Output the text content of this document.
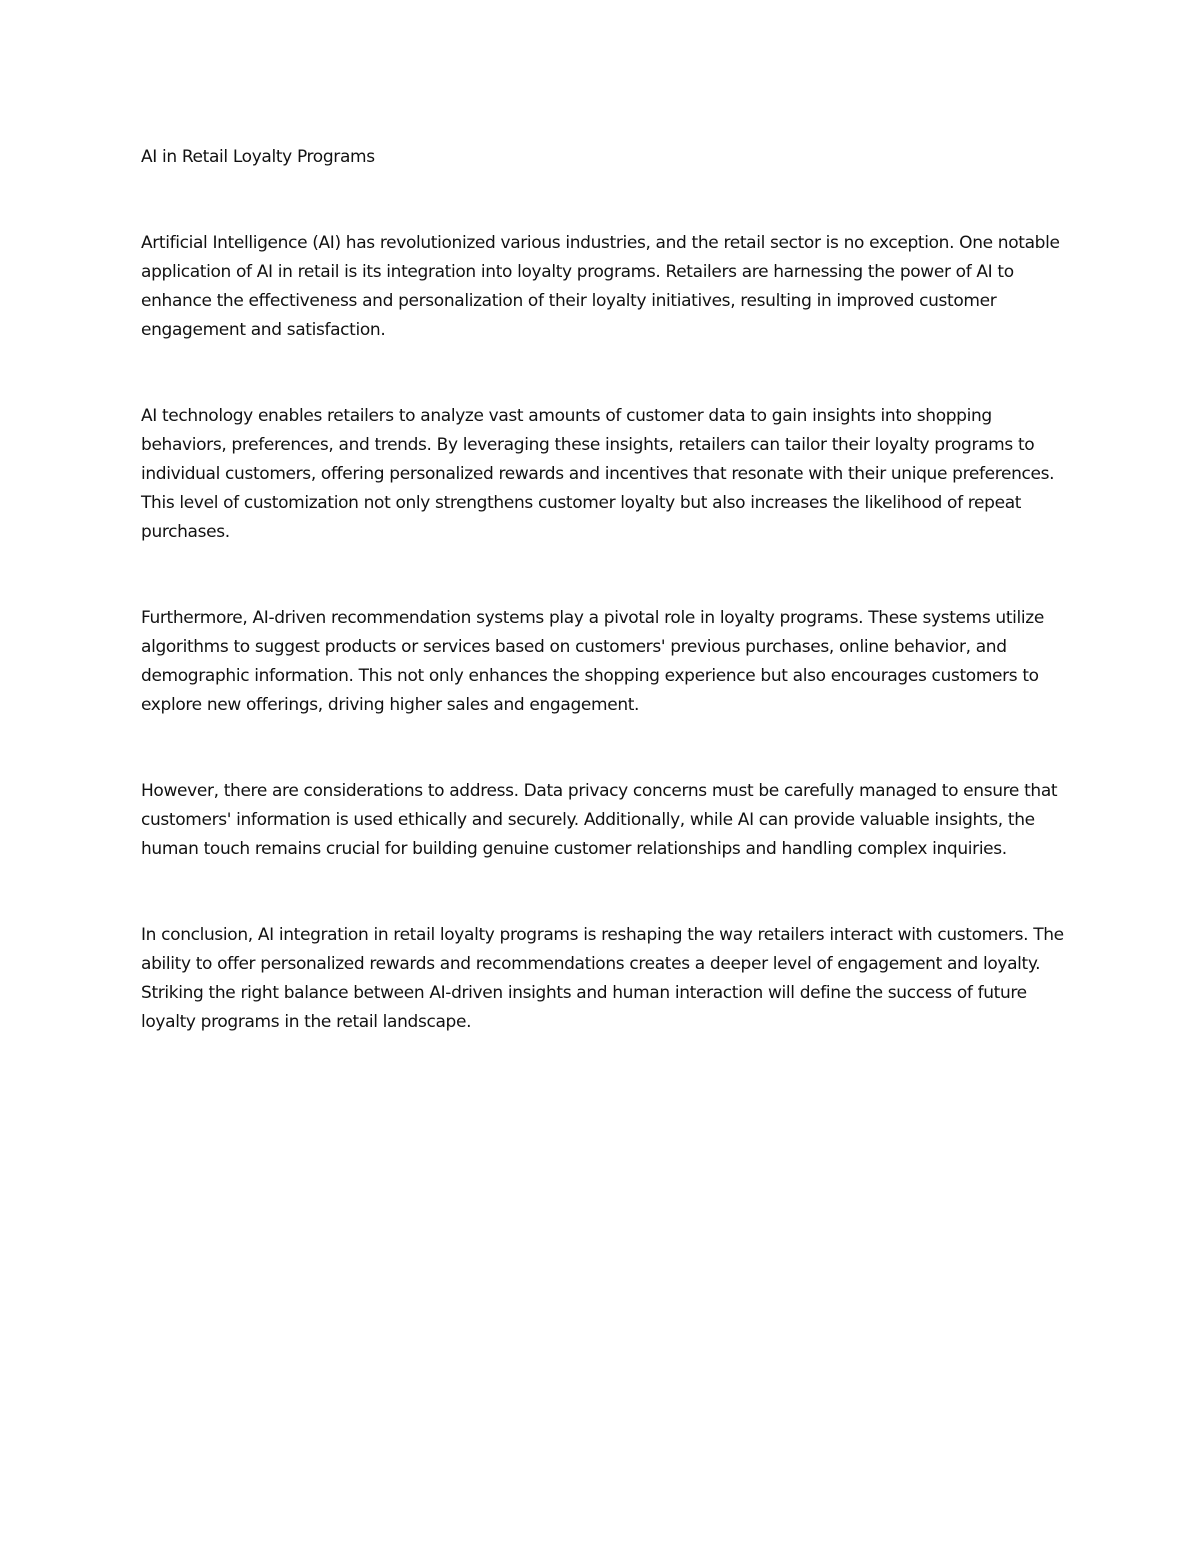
AI in Retail Loyalty Programs

Artificial Intelligence (AI) has revolutionized various industries, and the retail sector is no exception. One notable application of AI in retail is its integration into loyalty programs. Retailers are harnessing the power of AI to enhance the effectiveness and personalization of their loyalty initiatives, resulting in improved customer engagement and satisfaction.

AI technology enables retailers to analyze vast amounts of customer data to gain insights into shopping behaviors, preferences, and trends. By leveraging these insights, retailers can tailor their loyalty programs to individual customers, offering personalized rewards and incentives that resonate with their unique preferences. This level of customization not only strengthens customer loyalty but also increases the likelihood of repeat purchases.

Furthermore, AI-driven recommendation systems play a pivotal role in loyalty programs. These systems utilize algorithms to suggest products or services based on customers' previous purchases, online behavior, and demographic information. This not only enhances the shopping experience but also encourages customers to explore new offerings, driving higher sales and engagement.

However, there are considerations to address. Data privacy concerns must be carefully managed to ensure that customers' information is used ethically and securely. Additionally, while AI can provide valuable insights, the human touch remains crucial for building genuine customer relationships and handling complex inquiries.

In conclusion, AI integration in retail loyalty programs is reshaping the way retailers interact with customers. The ability to offer personalized rewards and recommendations creates a deeper level of engagement and loyalty. Striking the right balance between AI-driven insights and human interaction will define the success of future loyalty programs in the retail landscape.
